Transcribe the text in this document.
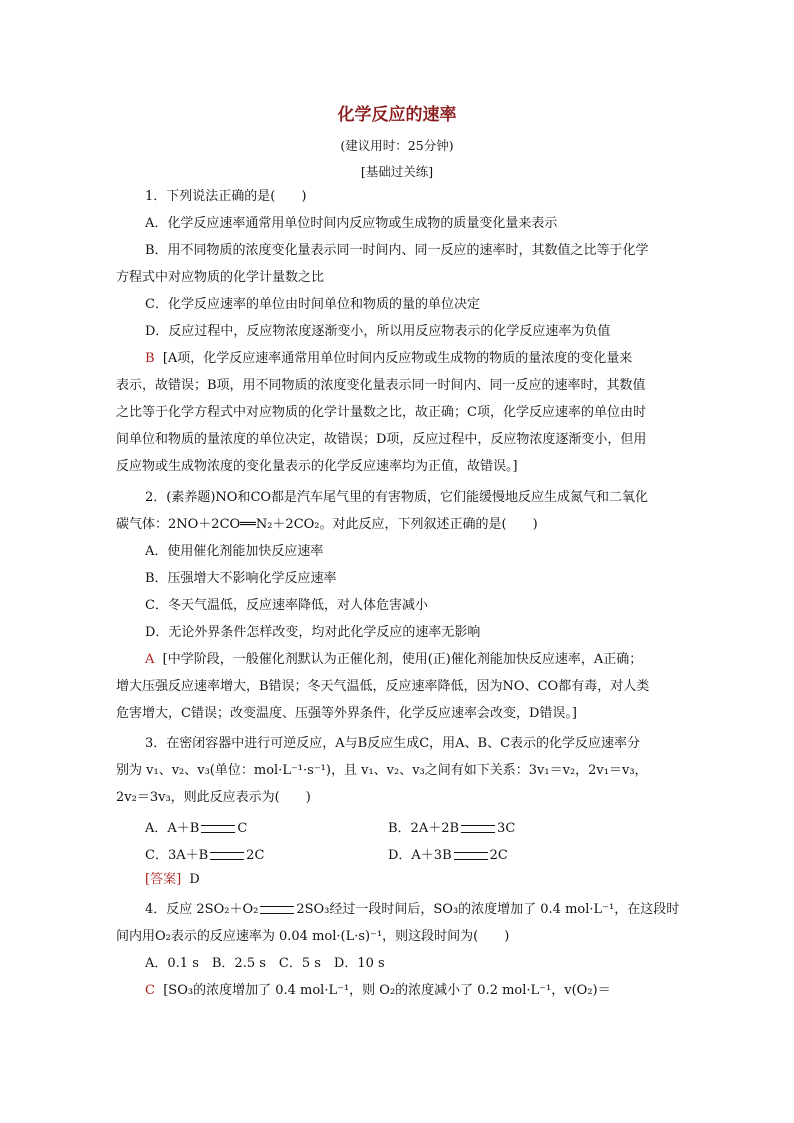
化学反应的速率
(建议用时：25分钟)
[基础过关练]
1．下列说法正确的是(　　)
A．化学反应速率通常用单位时间内反应物或生成物的质量变化量来表示
B．用不同物质的浓度变化量表示同一时间内、同一反应的速率时，其数值之比等于化学
方程式中对应物质的化学计量数之比
C．化学反应速率的单位由时间单位和物质的量的单位决定
D．反应过程中，反应物浓度逐渐变小，所以用反应物表示的化学反应速率为负值
B [A项，化学反应速率通常用单位时间内反应物或生成物的物质的量浓度的变化量来
表示，故错误；B项，用不同物质的浓度变化量表示同一时间内、同一反应的速率时，其数值
之比等于化学方程式中对应物质的化学计量数之比，故正确；C项，化学反应速率的单位由时
间单位和物质的量浓度的单位决定，故错误；D项，反应过程中，反应物浓度逐渐变小，但用
反应物或生成物浓度的变化量表示的化学反应速率均为正值，故错误。]
2．(素养题)NO和CO都是汽车尾气里的有害物质，它们能缓慢地反应生成氮气和二氧化
碳气体：2NO＋2CO══N₂＋2CO₂。对此反应，下列叙述正确的是(　　)
A．使用催化剂能加快反应速率
B．压强增大不影响化学反应速率
C．冬天气温低，反应速率降低，对人体危害减小
D．无论外界条件怎样改变，均对此化学反应的速率无影响
A [中学阶段，一般催化剂默认为正催化剂，使用(正)催化剂能加快反应速率，A正确；
增大压强反应速率增大，B错误；冬天气温低，反应速率降低，因为NO、CO都有毒，对人类
危害增大，C错误；改变温度、压强等外界条件，化学反应速率会改变，D错误。]
3．在密闭容器中进行可逆反应，A与B反应生成C，用A、B、C表示的化学反应速率分
别为 v₁、v₂、v₃(单位：mol·L⁻¹·s⁻¹)，且 v₁、v₂、v₃之间有如下关系：3v₁＝v₂，2v₁＝v₃，
2v₂＝3v₃，则此反应表示为(　　)
A．A＋B	C	B．2A＋2B	3C
C．3A＋B	2C	D．A＋3B	2C
[答案] D
4．反应 2SO₂＋O₂	2SO₃经过一段时间后，SO₃的浓度增加了 0.4 mol·L⁻¹，在这段时
间内用O₂表示的反应速率为 0.04 mol·(L·s)⁻¹，则这段时间为(　　)
A．0.1 s　B．2.5 s　C．5 s　D．10 s
C [SO₃的浓度增加了 0.4 mol·L⁻¹，则 O₂的浓度减小了 0.2 mol·L⁻¹，v(O₂)＝
